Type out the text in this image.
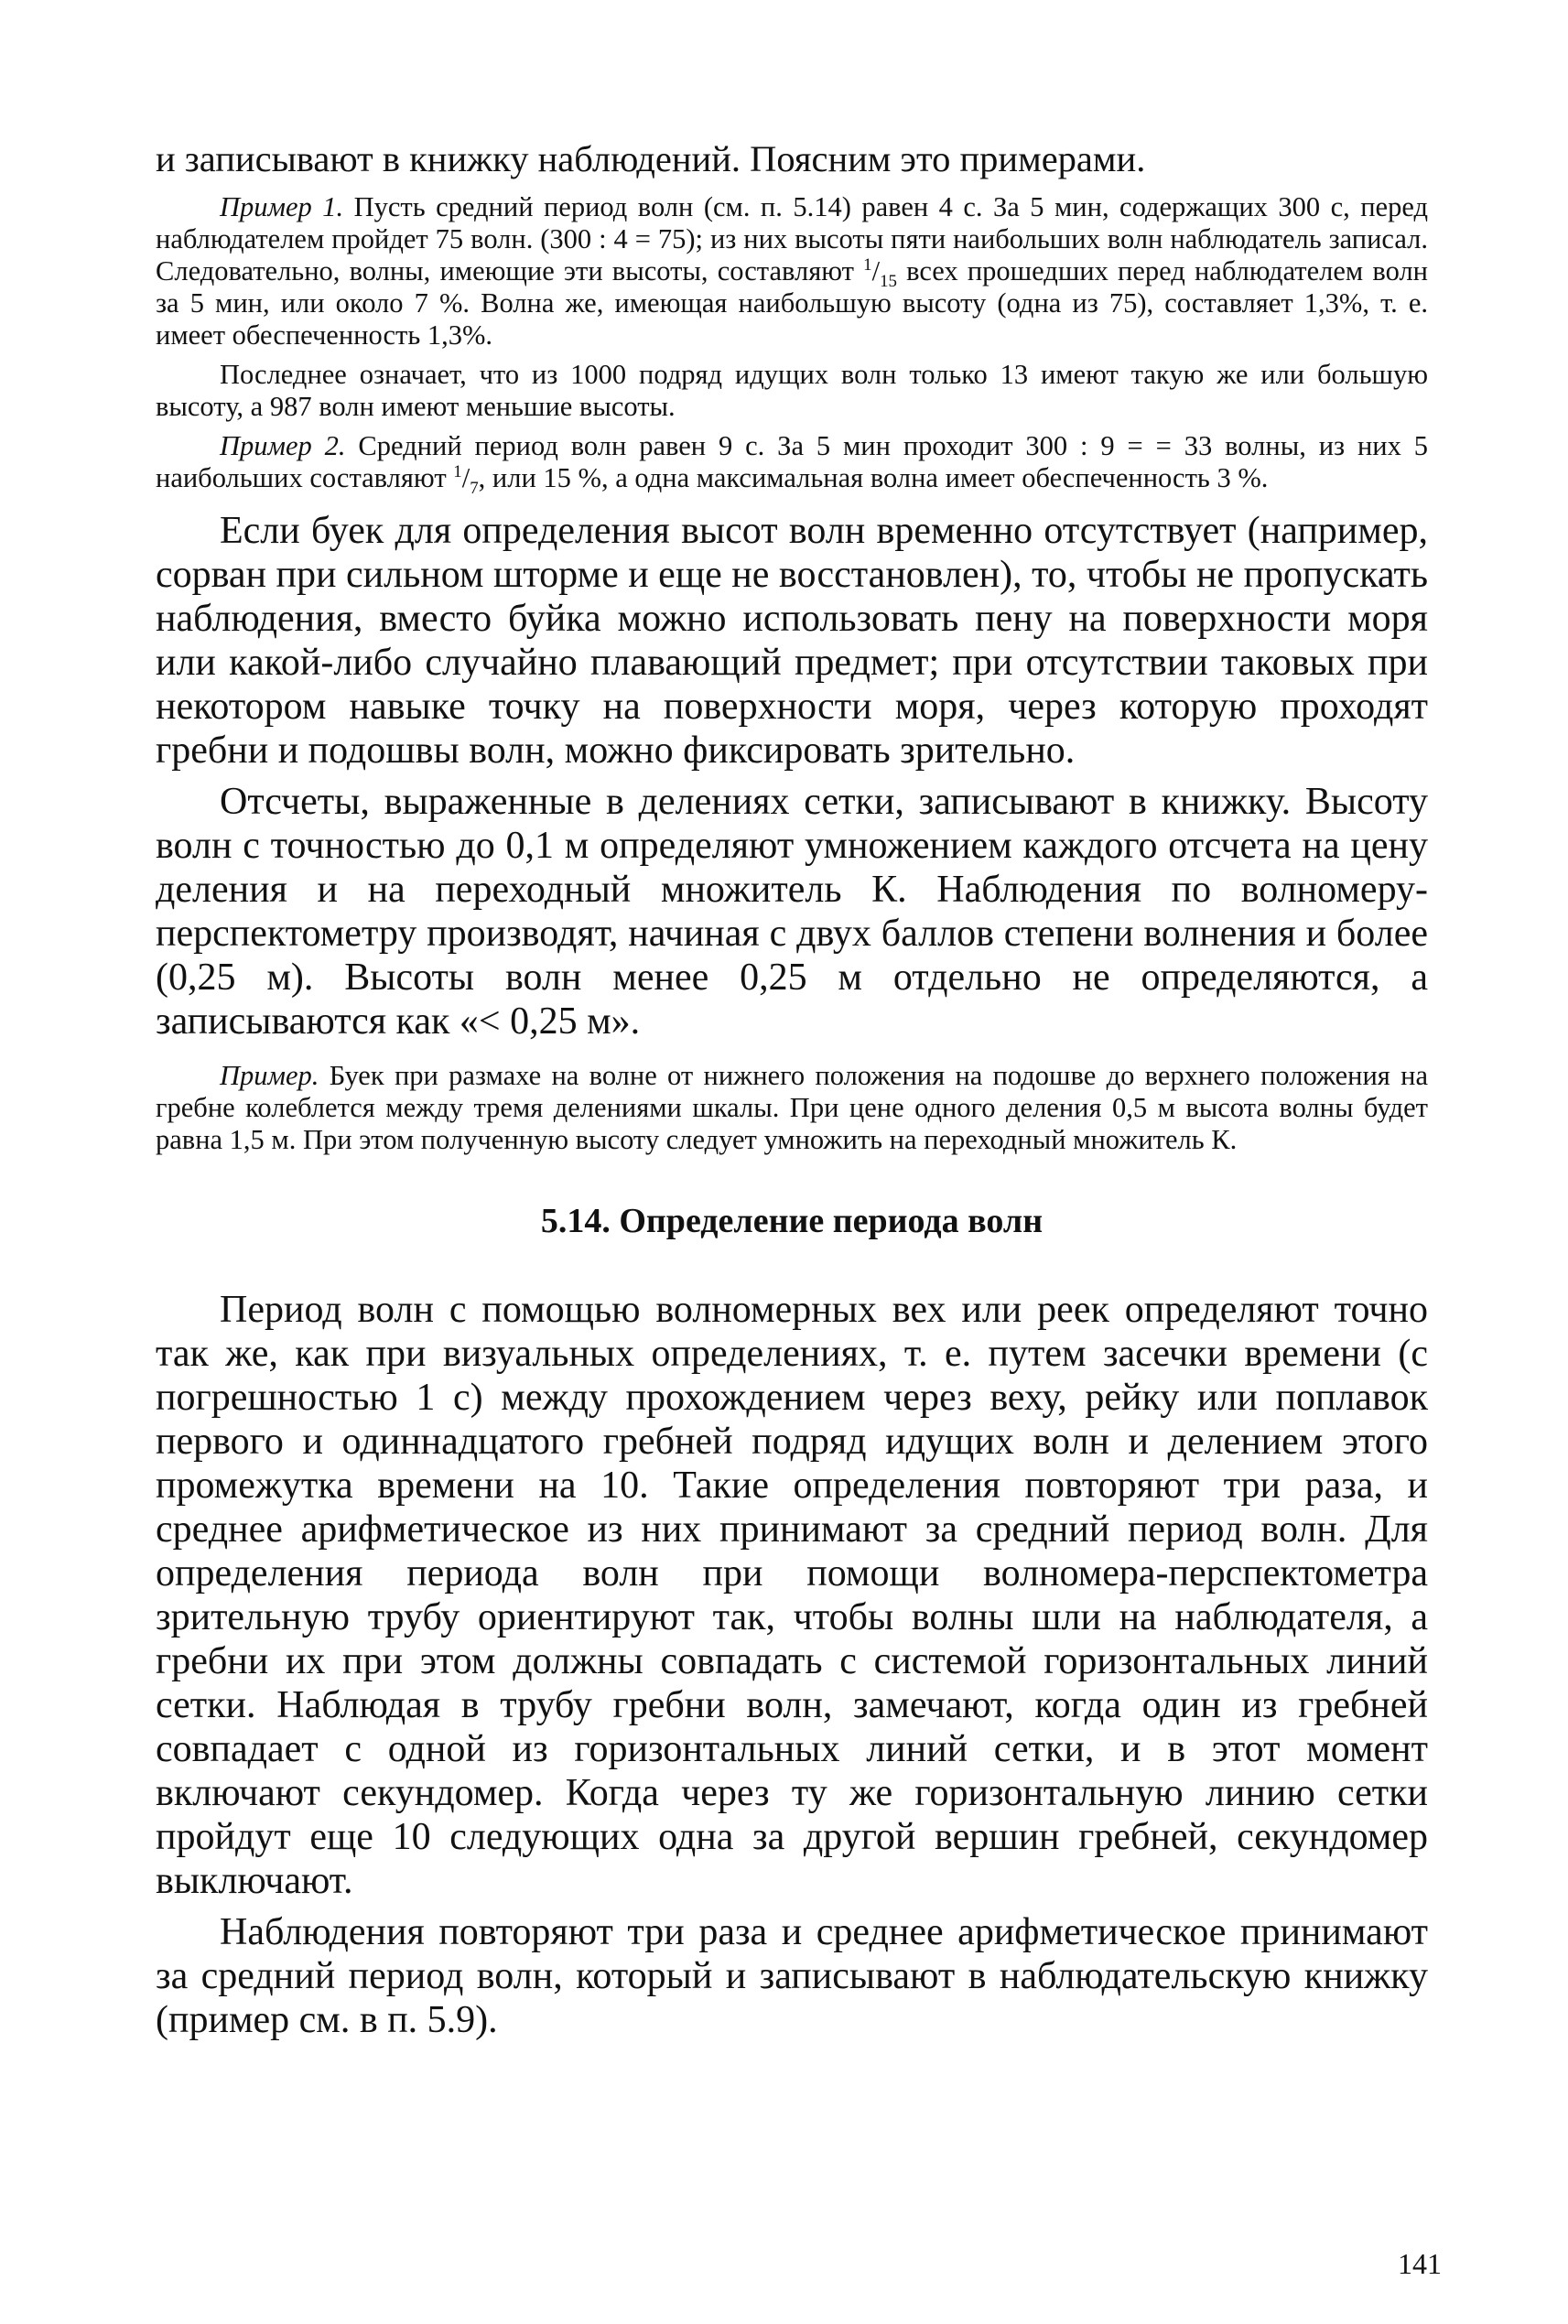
и записывают в книжку наблюдений. Поясним это примерами.

Пример 1. Пусть средний период волн (см. п. 5.14) равен 4 с. За 5 мин, содержащих 300 с, перед наблюдателем пройдет 75 волн. (300 : 4 = 75); из них высоты пяти наибольших волн наблюдатель записал. Следовательно, волны, имеющие эти высоты, составляют $^1/_{15}$ всех прошедших перед наблюдателем волн за 5 мин, или около 7 %. Волна же, имеющая наибольшую высоту (одна из 75), составляет 1,3%, т. е. имеет обеспеченность 1,3%.

Последнее означает, что из 1000 подряд идущих волн только 13 имеют такую же или большую высоту, а 987 волн имеют меньшие высоты.

Пример 2. Средний период волн равен 9 с. За 5 мин проходит 300 : 9 = = 33 волны, из них 5 наибольших составляют $^1/_7$, или 15 %, а одна максимальная волна имеет обеспеченность 3 %.

Если буек для определения высот волн временно отсутствует (например, сорван при сильном шторме и еще не восстановлен), то, чтобы не пропускать наблюдения, вместо буйка можно использовать пену на поверхности моря или какой-либо случайно плавающий предмет; при отсутствии таковых при некотором навыке точку на поверхности моря, через которую проходят гребни и подошвы волн, можно фиксировать зрительно.

Отсчеты, выраженные в делениях сетки, записывают в книжку. Высоту волн с точностью до 0,1 м определяют умножением каждого отсчета на цену деления и на переходный множитель К. Наблюдения по волномеру-перспектометру производят, начиная с двух баллов степени волнения и более (0,25 м). Высоты волн менее 0,25 м отдельно не определяются, а записываются как «< 0,25 м».

Пример. Буек при размахе на волне от нижнего положения на подошве до верхнего положения на гребне колеблется между тремя делениями шкалы. При цене одного деления 0,5 м высота волны будет равна 1,5 м. При этом полученную высоту следует умножить на переходный множитель К.

5.14. Определение периода волн

Период волн с помощью волномерных вех или реек определяют точно так же, как при визуальных определениях, т. е. путем засечки времени (с погрешностью 1 с) между прохождением через веху, рейку или поплавок первого и одиннадцатого гребней подряд идущих волн и делением этого промежутка времени на 10. Такие определения повторяют три раза, и среднее арифметическое из них принимают за средний период волн. Для определения периода волн при помощи волномера-перспектометра зрительную трубу ориентируют так, чтобы волны шли на наблюдателя, а гребни их при этом должны совпадать с системой горизонтальных линий сетки. Наблюдая в трубу гребни волн, замечают, когда один из гребней совпадает с одной из горизонтальных линий сетки, и в этот момент включают секундомер. Когда через ту же горизонтальную линию сетки пройдут еще 10 следующих одна за другой вершин гребней, секундомер выключают.

Наблюдения повторяют три раза и среднее арифметическое принимают за средний период волн, который и записывают в наблюдательскую книжку (пример см. в п. 5.9).

141
